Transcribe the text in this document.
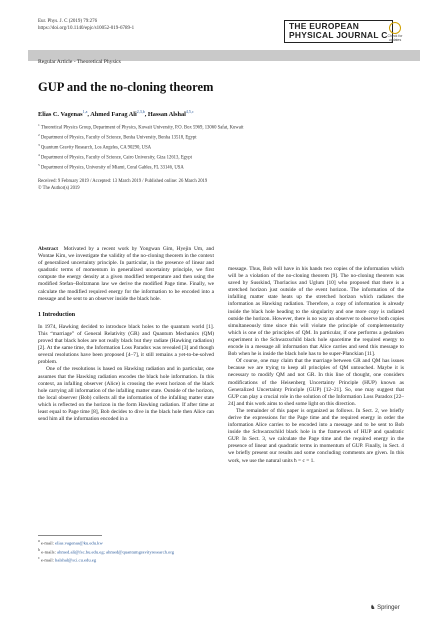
Eur. Phys. J. C (2019) 79:276
https://doi.org/10.1140/epjc/s10052-019-6789-1	THE EUROPEAN
PHYSICAL JOURNAL C Check for updates
Regular Article - Theoretical Physics
GUP and the no-cloning theorem
Elias C. Vagenas$^{1,a}$, Ahmed Farag Ali$^{2,3,b}$, Hassan Alshal$^{4,5,c}$
$^1$ Theoretical Physics Group, Department of Physics, Kuwait University, P.O. Box 5969, 13060 Safat, Kuwait
$^2$ Department of Physics, Faculty of Science, Benha University, Benha 13518, Egypt
$^3$ Quantum Gravity Research, Los Angeles, CA 90290, USA
$^4$ Department of Physics, Faculty of Science, Cairo University, Giza 12613, Egypt
$^5$ Department of Physics, University of Miami, Coral Gables, FL 33146, USA
Received: 9 February 2019 / Accepted: 13 March 2019 / Published online: 26 March 2019
© The Author(s) 2019

Abstract Motivated by a recent work by Yongwan Gim, Hyejin Um, and Wontae Kim, we investigate the validity of the no-cloning theorem in the context of generalized uncertainty principle. In particular, in the presence of linear and quadratic terms of momentum in generalized uncertainty principle, we first compute the energy density at a given modified temperature and then using the modified Stefan–Boltzmann law we derive the modified Page time. Finally, we calculate the modified required energy for the information to be encoded into a message and be sent to an observer inside the black hole.

1 Introduction

In 1974, Hawking decided to introduce black holes to the quantum world [1]. This “marriage” of General Relativity (GR) and Quantum Mechanics (QM) proved that black holes are not really black but they radiate (Hawking radiation) [2]. At the same time, the Information Loss Paradox was revealed [3] and though several resolutions have been proposed [4–7], it still remains a yet-to-be-solved problem.

One of the resolutions is based on Hawking radiation and in particular, one assumes that the Hawking radiation encodes the black hole information. In this context, an infalling observer (Alice) is crossing the event horizon of the black hole carrying all information of the infalling matter state. Outside of the horizon, the local observer (Bob) collects all the information of the infalling matter state which is reflected on the horizon in the form Hawking radiation. If after time at least equal to Page time [8], Bob decides to dive in the black hole then Alice can send him all the information encoded in a

message. Thus, Bob will have in his hands two copies of the information which will be a violation of the no-cloning theorem [9]. The no-cloning theorem was saved by Susskind, Thorlacius and Uglum [10] who proposed that there is a stretched horizon just outside of the event horizon. The information of the infalling matter state heats up the stretched horizon which radiates the information as Hawking radiation. Therefore, a copy of information is already inside the black hole heading to the singularity and one more copy is radiated outside the horizon. However, there is no way an observer to observe both copies simultaneously time since this will violate the principle of complementarity which is one of the principles of QM. In particular, if one performs a gedanken experiment in the Schwarzschild black hole spacetime the required energy to encode in a message all information that Alice carries and send this message to Bob when he is inside the black hole has to be super-Planckian [11].

Of course, one may claim that the marriage between GR and QM has issues because we are trying to keep all principles of QM untouched. Maybe it is necessary to modify QM and not GR. In this line of thought, one considers modifications of the Heisenberg Uncertainty Principle (HUP) known as Generalized Uncertainty Principle (GUP) [12–21]. So, one may suggest that GUP can play a crucial role in the solution of the Information Loss Paradox [22–24] and this work aims to shed some light on this direction.

The remainder of this paper is organized as follows. In Sect. 2, we briefly derive the expressions for the Page time and the required energy in order the information Alice carries to be encoded into a message and to be sent to Bob inside the Schwarzschild black hole in the framework of HUP and quadratic GUP. In Sect. 3, we calculate the Page time and the required energy in the presence of linear and quadratic terms in momentum of GUP. Finally, in Sect. 4 we briefly present our results and some concluding comments are given. In this work, we use the natural units ħ = c = 1.

$^a$ e-mail: elias.vagenas@ku.edu.kw
$^b$ e-mails: ahmed.ali@fsc.bu.edu.eg; ahmed@quantumgravityresearch.org
$^c$ e-mail: halshal@sci.cu.edu.eg
♞ Springer
